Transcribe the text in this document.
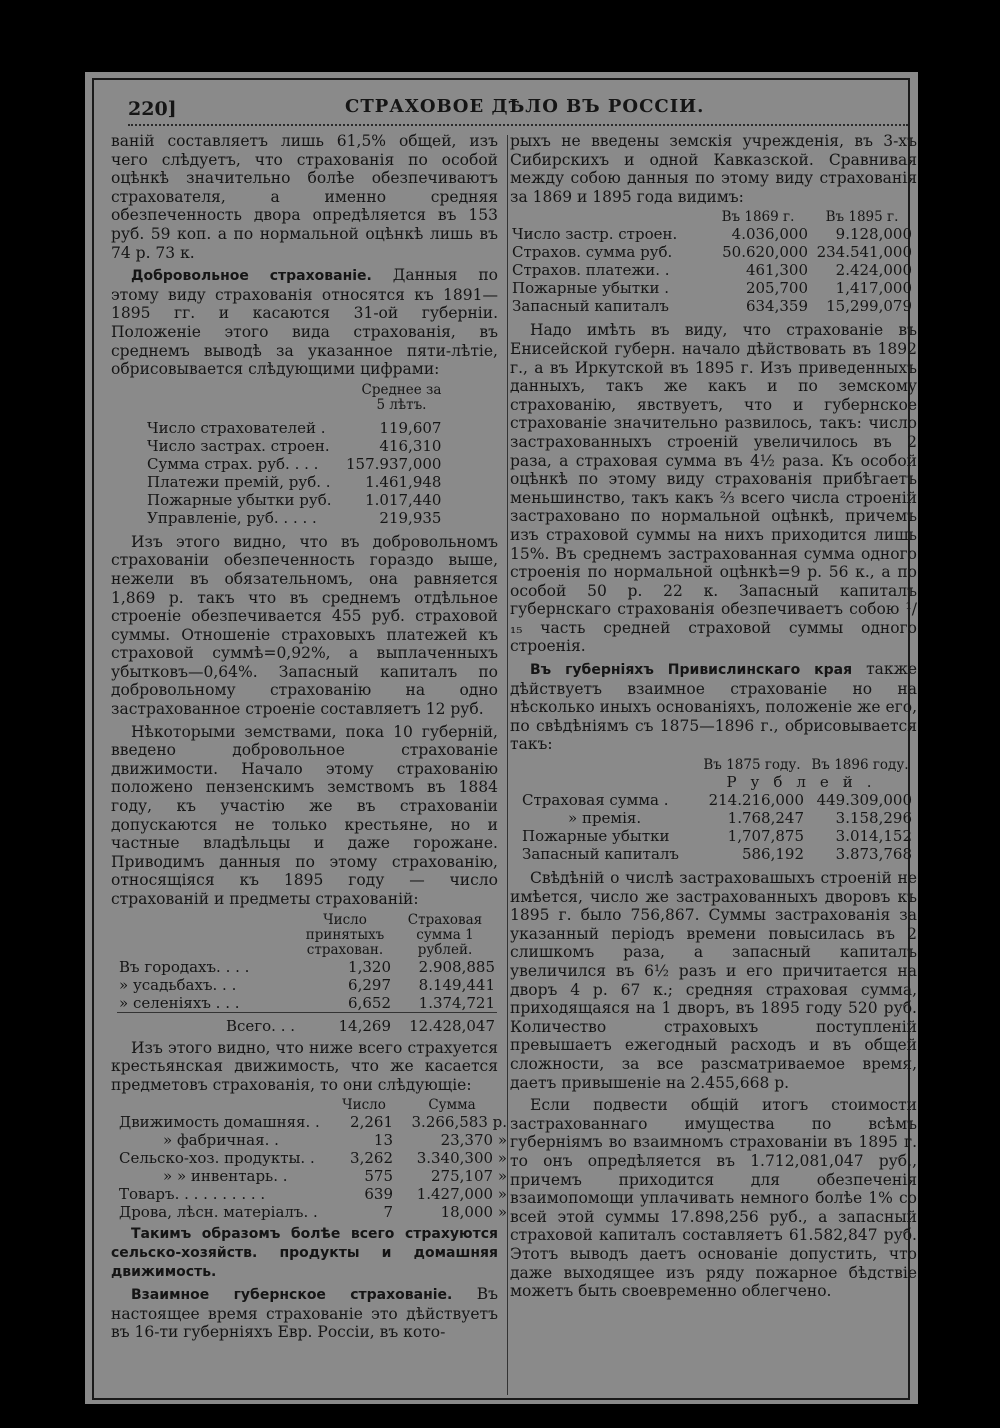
220]	СТРАХОВОЕ ДѢЛО ВЪ РОССІИ.

ваній составляетъ лишь 61,5% общей, изъ чего слѣдуетъ, что страхованія по особой оцѣнкѣ значительно болѣе обезпечиваютъ страхователя, а именно средняя обезпеченность двора опредѣляется въ 153 руб. 59 коп. а по нормальной оцѣнкѣ лишь въ 74 р. 73 к.

Добровольное страхованіе. Данныя по этому виду страхованія относятся къ 1891—1895 гг. и касаются 31-ой губерніи. Положеніе этого вида страхованія, въ среднемъ выводѣ за указанное пяти-лѣтіе, обрисовывается слѣдующими цифрами:

	Среднее за
	5 лѣтъ.
Число страхователей .	119,607
Число застрах. строен.	416,310
Сумма страх. руб. . . .	157.937,000
Платежи премій, руб. .	1.461,948
Пожарные убытки руб.	1.017,440
Управленіе, руб. . . . .	219,935

Изъ этого видно, что въ добровольномъ страхованіи обезпеченность гораздо выше, нежели въ обязательномъ, она равняется 1,869 р. такъ что въ среднемъ отдѣльное строеніе обезпечивается 455 руб. страховой суммы. Отношеніе страховыхъ платежей къ страховой суммѣ=0,92%, а выплаченныхъ убытковъ—0,64%. Запасный капиталъ по добровольному страхованію на одно застрахованное строеніе составляетъ 12 руб.

Нѣкоторыми земствами, пока 10 губерній, введено добровольное страхованіе движимости. Начало этому страхованію положено пензенскимъ земствомъ въ 1884 году, къ участію же въ страхованіи допускаются не только крестьяне, но и частные владѣльцы и даже горожане. Приводимъ данныя по этому страхованію, относящіяся къ 1895 году — число страхованій и предметы страхованій:

	Число принятыхъ страхован.	Страховая сумма 1 рублей.
Въ городахъ. . . .	1,320	2.908,885
» усадьбахъ. . .	6,297	8.149,441
» селеніяхъ . . .	6,652	1.374,721
Всего. . .	14,269	12.428,047

Изъ этого видно, что ниже всего страхуется крестьянская движимость, что же касается предметовъ страхованія, то они слѣдующіе:

	Число	Сумма
Движимость домашняя. .	2,261	3.266,583 р.
» фабричная. .	13	23,370 »
Сельско-хоз. продукты. .	3,262	3.340,300 »
» » инвентарь. .	575	275,107 »
Товаръ. . . . . . . . . .	639	1.427,000 »
Дрова, лѣсн. матеріалъ. .	7	18,000 »

Такимъ образомъ болѣе всего страхуются сельско-хозяйств. продукты и домашняя движимость.

Взаимное губернское страхованіе. Въ настоящее время страхованіе это дѣйствуетъ въ 16-ти губерніяхъ Евр. Россіи, въ кото-

рыхъ не введены земскія учрежденія, въ 3-хъ Сибирскихъ и одной Кавказской. Сравнивая между собою данныя по этому виду страхованія за 1869 и 1895 года видимъ:

	Въ 1869 г.	Въ 1895 г.
Число застр. строен.	4.036,000	9.128,000
Страхов. сумма руб.	50.620,000	234.541,000
Страхов. платежи. .	461,300	2.424,000
Пожарные убытки .	205,700	1,417,000
Запасный капиталъ	634,359	15,299,079

Надо имѣть въ виду, что страхованіе въ Енисейской губерн. начало дѣйствовать въ 1892 г., а въ Иркутской въ 1895 г. Изъ приведенныхъ данныхъ, такъ же какъ и по земскому страхованію, явствуетъ, что и губернское страхованіе значительно развилось, такъ: число застрахованныхъ строеній увеличилось въ 2 раза, а страховая сумма въ 4½ раза. Къ особой оцѣнкѣ по этому виду страхованія прибѣгаетъ меньшинство, такъ какъ ⅔ всего числа строеній застраховано по нормальной оцѣнкѣ, причемъ изъ страховой суммы на нихъ приходится лишь 15%. Въ среднемъ застрахованная сумма одного строенія по нормальной оцѣнкѣ=9 р. 56 к., а по особой 50 р. 22 к. Запасный капиталъ губернскаго страхованія обезпечиваетъ собою ¹/₁₅ часть средней страховой суммы одного строенія.

Въ губерніяхъ Привислинскаго края также дѣйствуетъ взаимное страхованіе но на нѣсколько иныхъ основаніяхъ, положеніе же его, по свѣдѣніямъ съ 1875—1896 г., обрисовывается такъ:

	Въ 1875 году.	Въ 1896 году.
	Рублей.	
Страховая сумма .	214.216,000	449.309,000
» премія.	1.768,247	3.158,296
Пожарные убытки	1,707,875	3.014,152
Запасный капиталъ	586,192	3.873,768

Свѣдѣній о числѣ застраховашыхъ строеній не имѣется, число же застрахованныхъ дворовъ къ 1895 г. было 756,867. Суммы застрахованія за указанный періодъ времени повысилась въ 2 слишкомъ раза, а запасный капиталъ увеличился въ 6½ разъ и его причитается на дворъ 4 р. 67 к.; средняя страховая сумма, приходящаяся на 1 дворъ, въ 1895 году 520 руб. Количество страховыхъ поступленій превышаетъ ежегодный расходъ и въ общей сложности, за все разсматриваемое время, даетъ привышеніе на 2.455,668 р.

Если подвести общій итогъ стоимости застрахованнаго имущества по всѣмъ губерніямъ во взаимномъ страхованіи въ 1895 г. то онъ опредѣляется въ 1.712,081,047 руб., причемъ приходится для обезпеченія взаимопомощи уплачивать немного болѣе 1% со всей этой суммы 17.898,256 руб., а запасный страховой капиталъ составляетъ 61.582,847 руб. Этотъ выводъ даетъ основаніе допустить, что даже выходящее изъ ряду пожарное бѣдствіе можетъ быть своевременно облегчено.
